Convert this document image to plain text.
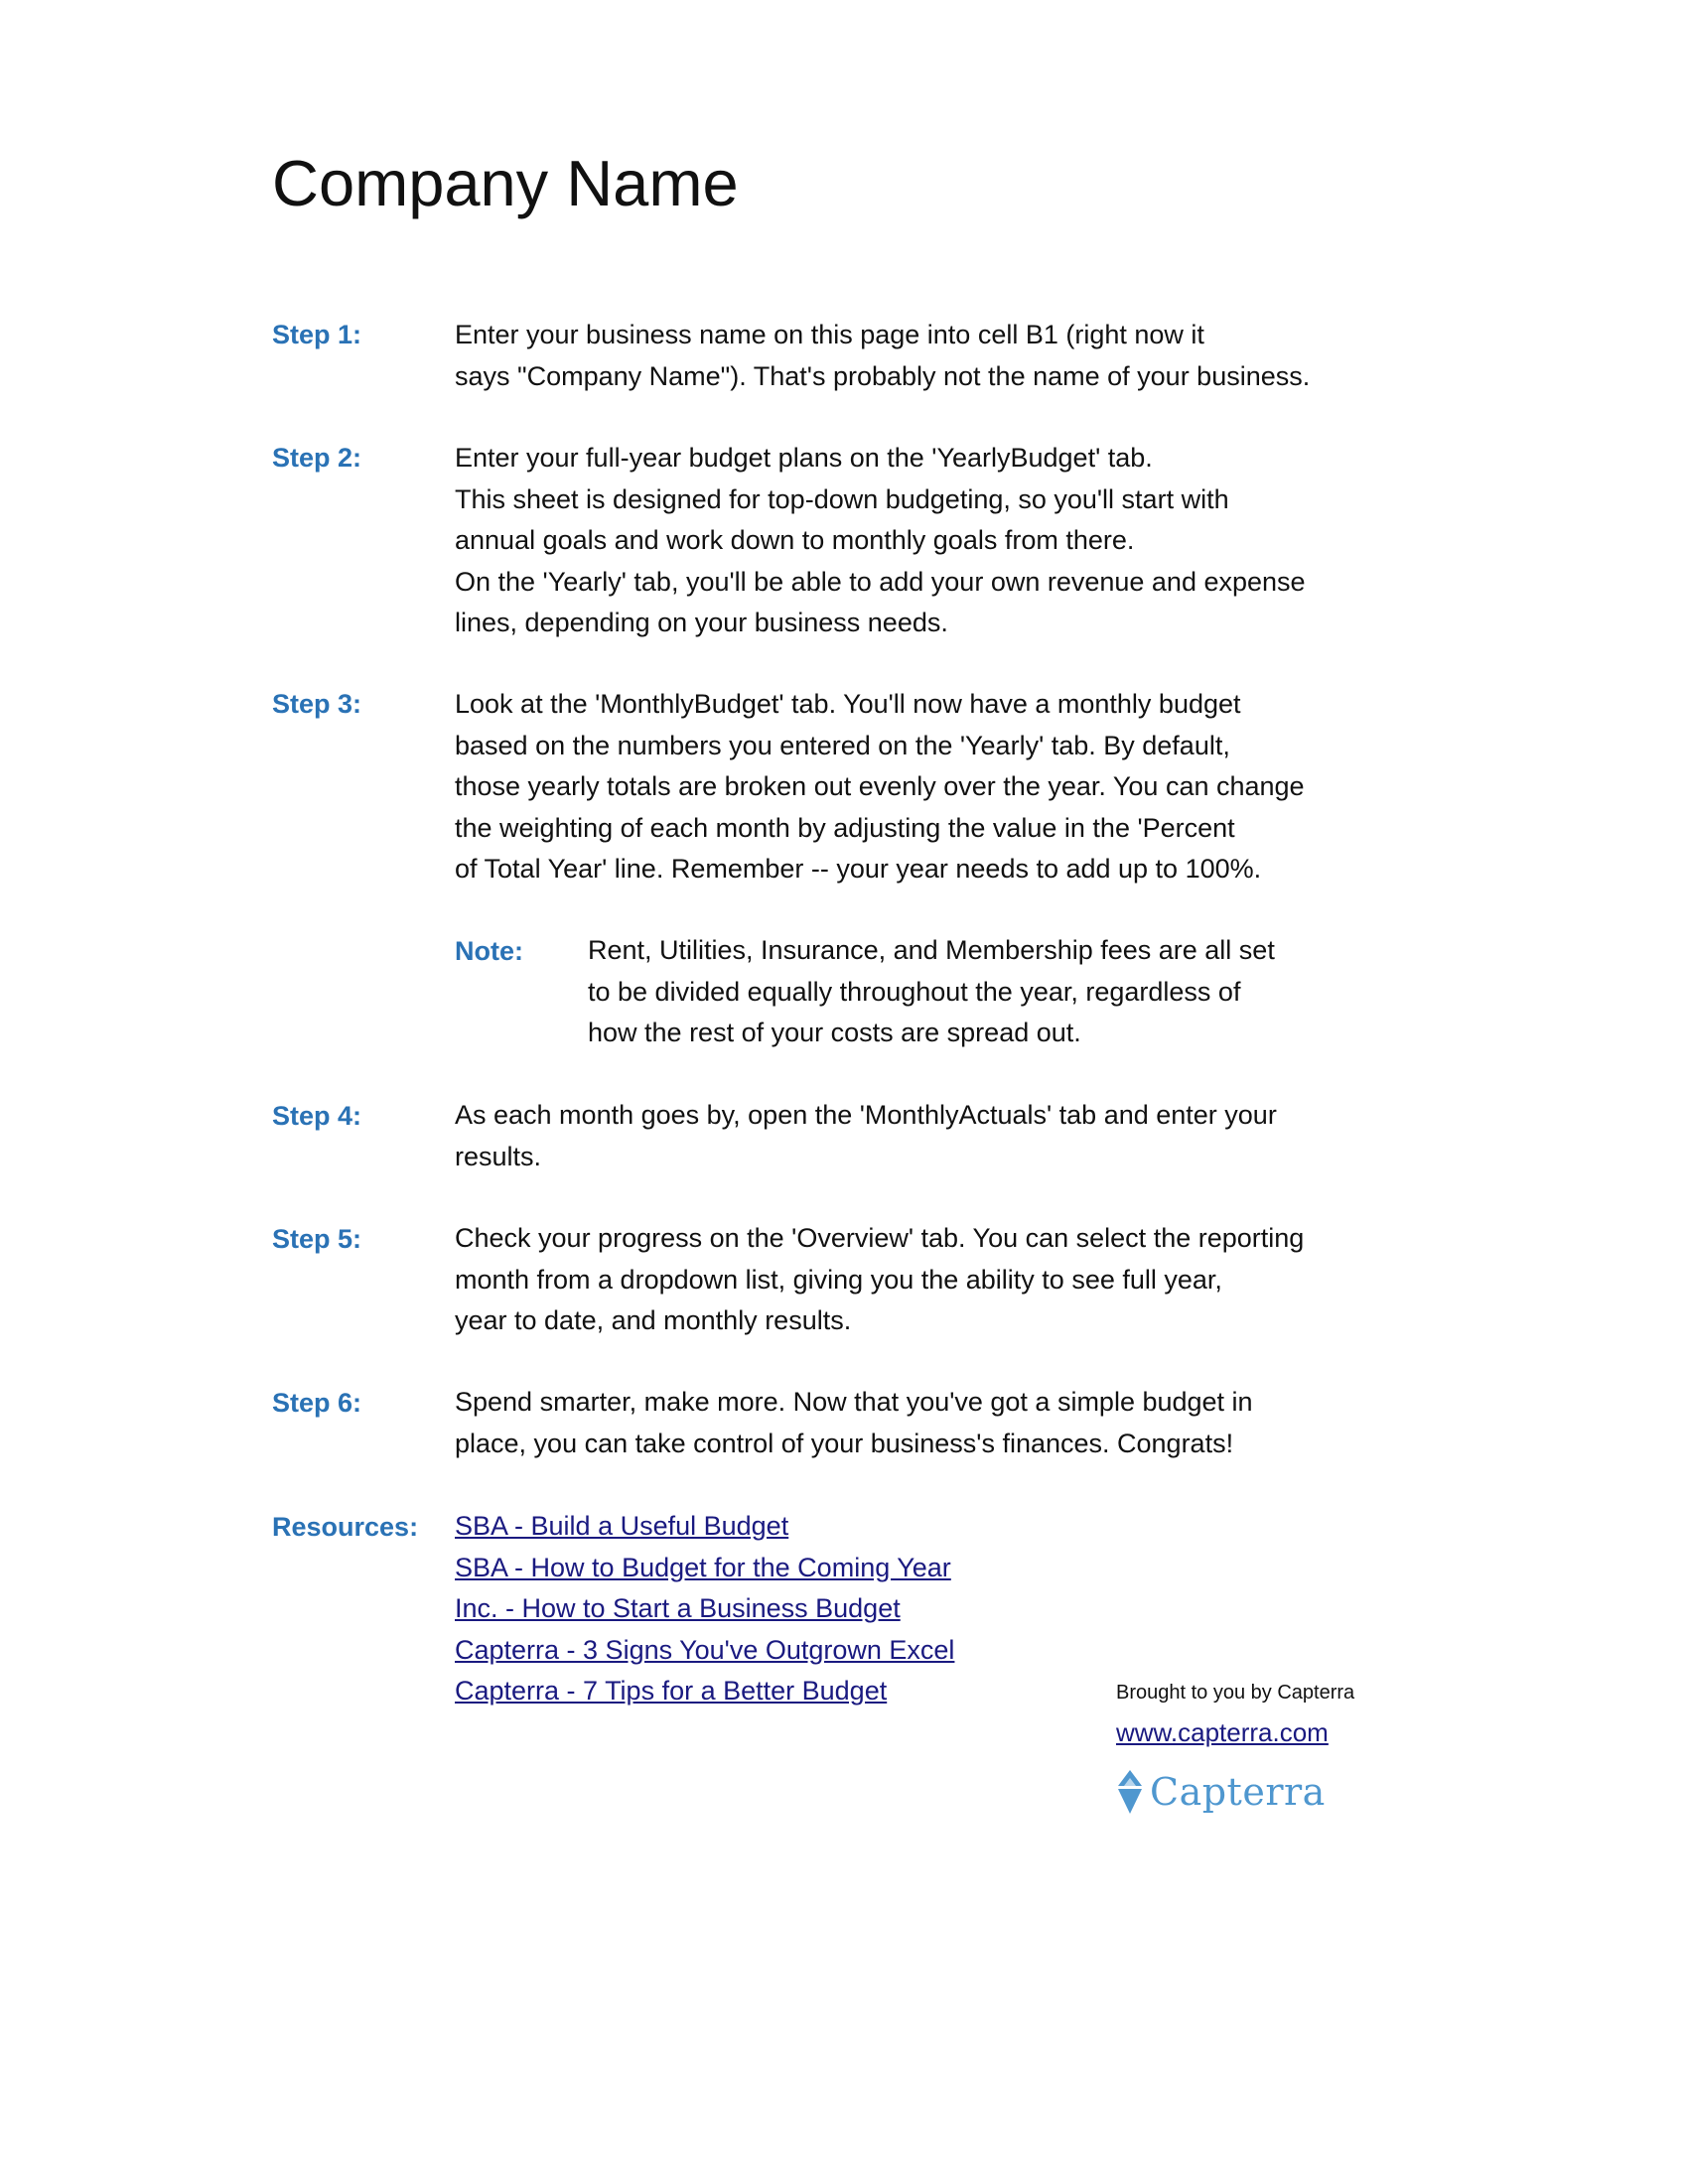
Company Name
Step 1:	Enter your business name on this page into cell B1 (right now it
says "Company Name"). That's probably not the name of your business.
Step 2:	Enter your full-year budget plans on the 'YearlyBudget' tab.
This sheet is designed for top-down budgeting, so you'll start with
annual goals and work down to monthly goals from there.
On the 'Yearly' tab, you'll be able to add your own revenue and expense
lines, depending on your business needs.
Step 3:	Look at the 'MonthlyBudget' tab. You'll now have a monthly budget
based on the numbers you entered on the 'Yearly' tab. By default,
those yearly totals are broken out evenly over the year. You can change
the weighting of each month by adjusting the value in the 'Percent
of Total Year' line. Remember -- your year needs to add up to 100%.
Note: Rent, Utilities, Insurance, and Membership fees are all set
to be divided equally throughout the year, regardless of
how the rest of your costs are spread out.
Step 4:	As each month goes by, open the 'MonthlyActuals' tab and enter your
results.
Step 5:	Check your progress on the 'Overview' tab. You can select the reporting
month from a dropdown list, giving you the ability to see full year,
year to date, and monthly results.
Step 6:	Spend smarter, make more. Now that you've got a simple budget in
place, you can take control of your business's finances. Congrats!
Resources: SBA - Build a Useful Budget
SBA - How to Budget for the Coming Year
Inc. - How to Start a Business Budget
Capterra - 3 Signs You've Outgrown Excel
Capterra - 7 Tips for a Better Budget	Brought to you by Capterra
www.capterra.com
Capterra
